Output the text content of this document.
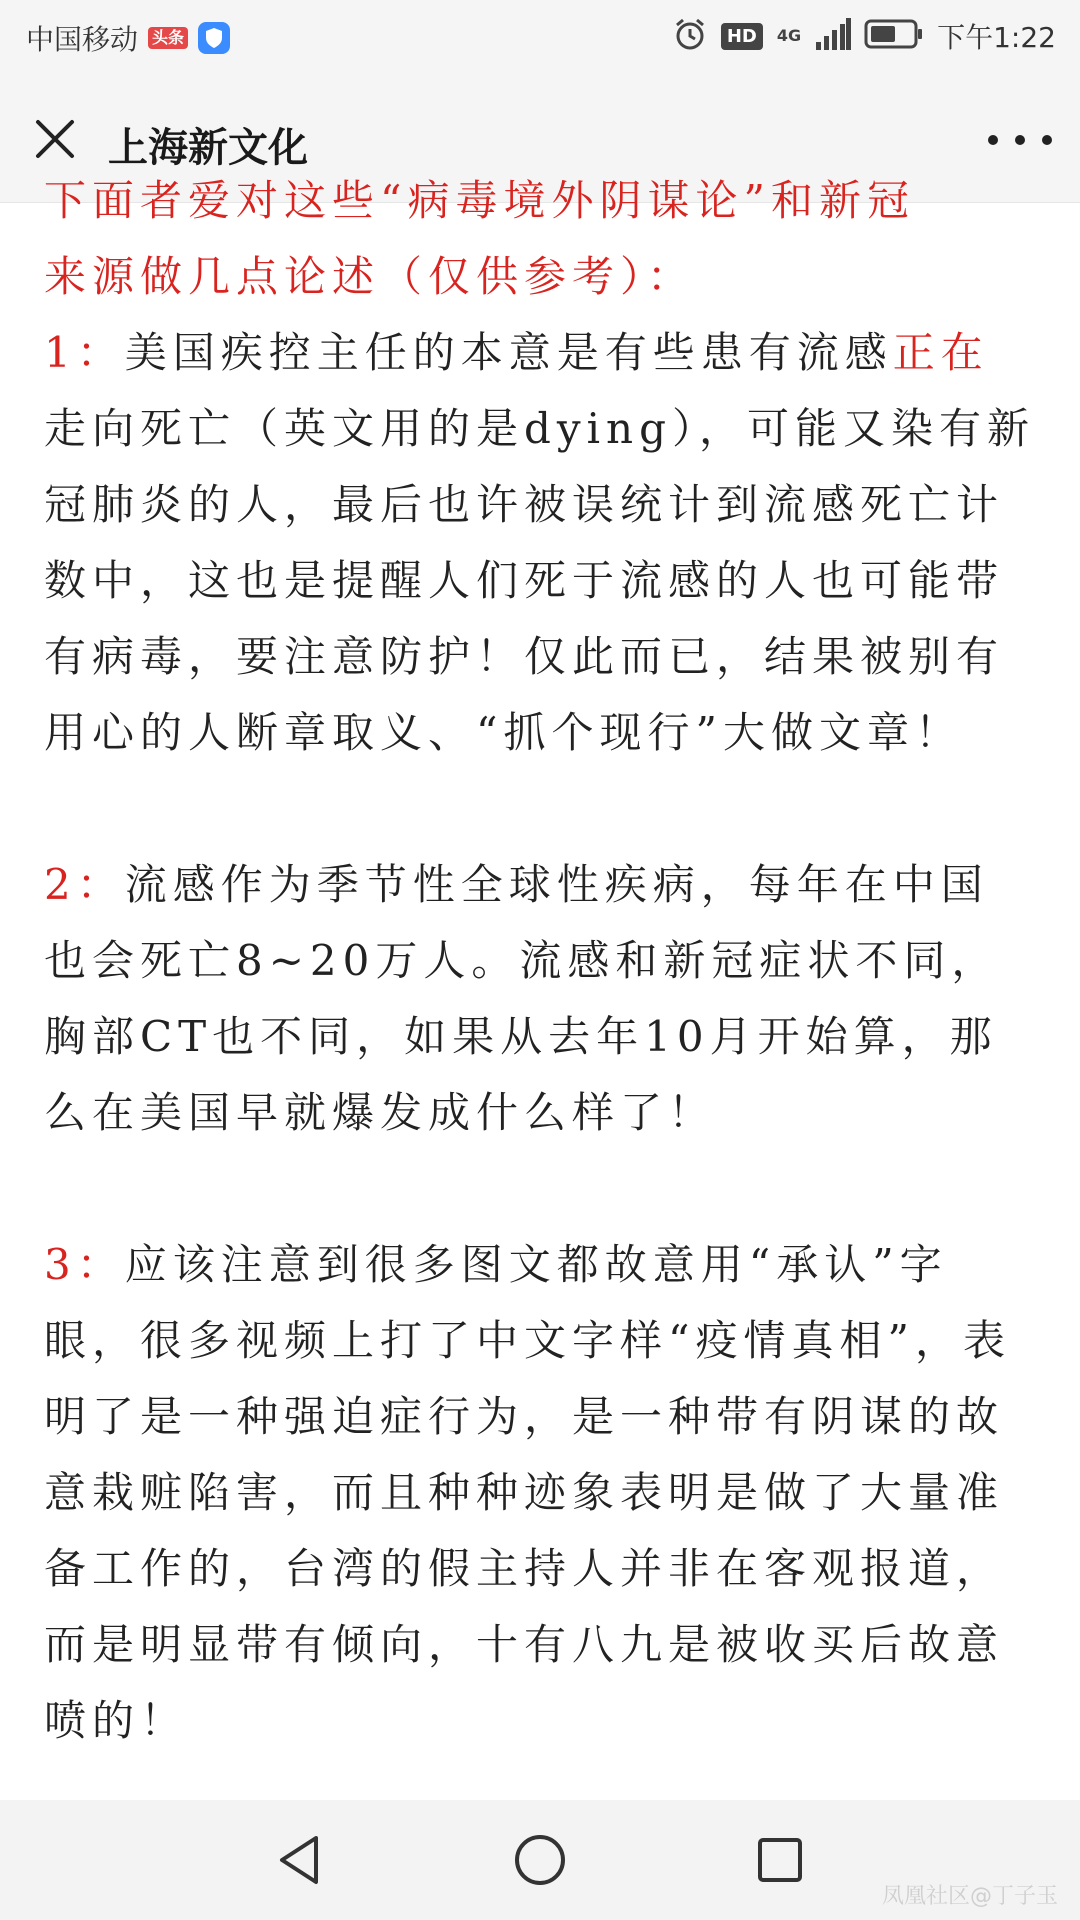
中国移动 头条	HD	4G	下午1:22
上海新文化

下面者爱对这些“病毒境外阴谋论”和新冠

来源做几点论述（仅供参考）：

1：美国疾控主任的本意是有些患有流感正在走向死亡（英文用的是dying），可能又染有新冠肺炎的人，最后也许被误统计到流感死亡计数中，这也是提醒人们死于流感的人也可能带有病毒，要注意防护！仅此而已，结果被别有用心的人断章取义、“抓个现行”大做文章！

2：流感作为季节性全球性疾病，每年在中国也会死亡8~20万人。流感和新冠症状不同，胸部CT也不同，如果从去年10月开始算，那么在美国早就爆发成什么样了！

3：应该注意到很多图文都故意用“承认”字眼，很多视频上打了中文字样“疫情真相”，表明了是一种强迫症行为，是一种带有阴谋的故意栽赃陷害，而且种种迹象表明是做了大量准备工作的，台湾的假主持人并非在客观报道，而是明显带有倾向，十有八九是被收买后故意喷的！

凤凰社区@丁子玉
